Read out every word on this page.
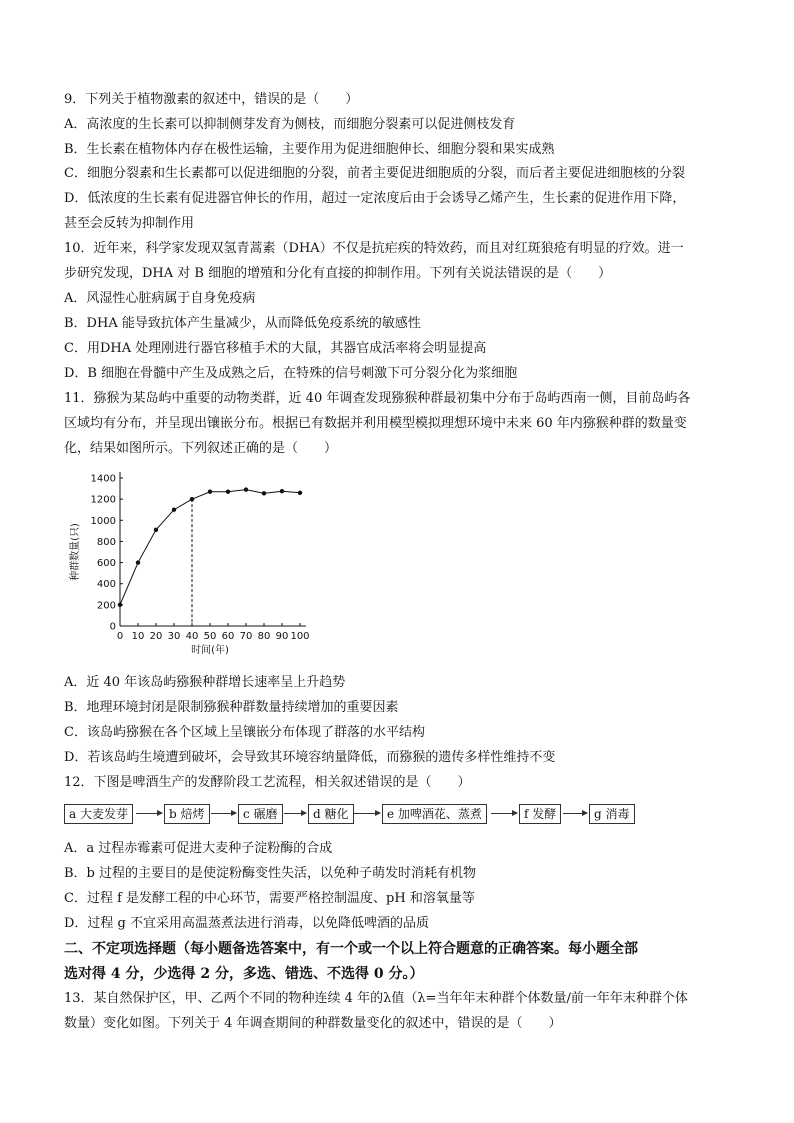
9．下列关于植物激素的叙述中，错误的是（　　）
A．高浓度的生长素可以抑制侧芽发育为侧枝，而细胞分裂素可以促进侧枝发育
B．生长素在植物体内存在极性运输，主要作用为促进细胞伸长、细胞分裂和果实成熟
C．细胞分裂素和生长素都可以促进细胞的分裂，前者主要促进细胞质的分裂，而后者主要促进细胞核的分裂
D．低浓度的生长素有促进器官伸长的作用，超过一定浓度后由于会诱导乙烯产生，生长素的促进作用下降，
甚至会反转为抑制作用
10．近年来，科学家发现双氢青蒿素（DHA）不仅是抗疟疾的特效药，而且对红斑狼疮有明显的疗效。进一
步研究发现，DHA 对 B 细胞的增殖和分化有直接的抑制作用。下列有关说法错误的是（　　）
A．风湿性心脏病属于自身免疫病
B．DHA 能导致抗体产生量减少，从而降低免疫系统的敏感性
C．用DHA 处理刚进行器官移植手术的大鼠，其器官成活率将会明显提高
D．B 细胞在骨髓中产生及成熟之后，在特殊的信号刺激下可分裂分化为浆细胞
11．猕猴为某岛屿中重要的动物类群，近 40 年调查发现猕猴种群最初集中分布于岛屿西南一侧，目前岛屿各
区域均有分布，并呈现出镶嵌分布。根据已有数据并利用模型模拟理想环境中未来 60 年内猕猴种群的数量变
化，结果如图所示。下列叙述正确的是（　　）
0
200
400
600
800
1000
1200
1400
0 10 20 30 40 50 60 70 80 90 100
种群数量(只)
时间(年)
A．近 40 年该岛屿猕猴种群增长速率呈上升趋势
B．地理环境封闭是限制猕猴种群数量持续增加的重要因素
C．该岛屿猕猴在各个区域上呈镶嵌分布体现了群落的水平结构
D．若该岛屿生境遭到破坏，会导致其环境容纳量降低，而猕猴的遗传多样性维持不变
12．下图是啤酒生产的发酵阶段工艺流程，相关叙述错误的是（　　）
a 大麦发芽	b 焙烤	c 碾磨	d 糖化	e 加啤酒花、蒸煮	f 发酵	g 消毒
A．a 过程赤霉素可促进大麦种子淀粉酶的合成
B．b 过程的主要目的是使淀粉酶变性失活，以免种子萌发时消耗有机物
C．过程 f 是发酵工程的中心环节，需要严格控制温度、pH 和溶氧量等
D．过程 g 不宜采用高温蒸煮法进行消毒，以免降低啤酒的品质
二、不定项选择题（每小题备选答案中，有一个或一个以上符合题意的正确答案。每小题全部
选对得 4 分，少选得 2 分，多选、错选、不选得 0 分。）
13．某自然保护区，甲、乙两个不同的物种连续 4 年的λ值（λ=当年年末种群个体数量/前一年年末种群个体
数量）变化如图。下列关于 4 年调查期间的种群数量变化的叙述中，错误的是（　　）
